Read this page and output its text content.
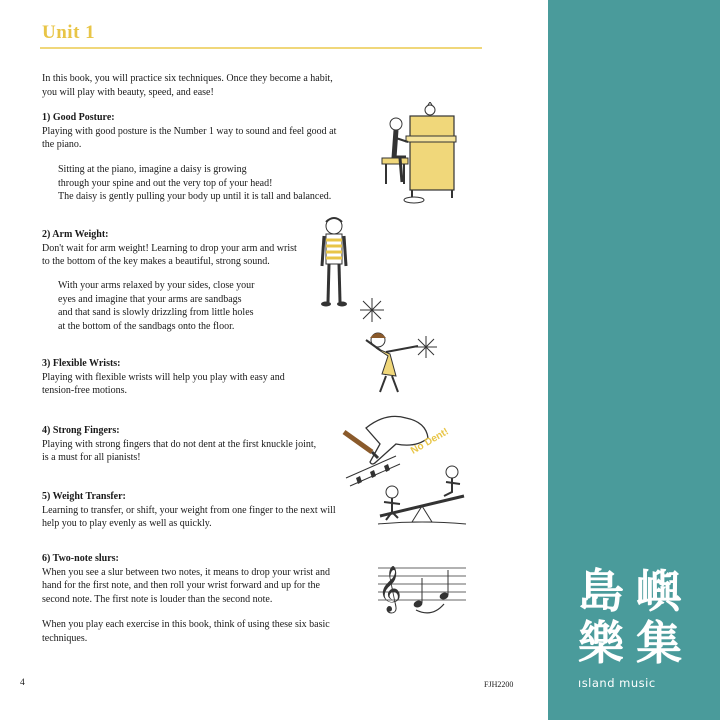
Unit 1
In this book, you will practice six techniques. Once they become a habit,
you will play with beauty, speed, and ease!
1) Good Posture:
Playing with good posture is the Number 1 way to sound and feel good at
the piano.
Sitting at the piano, imagine a daisy is growing
through your spine and out the very top of your head!
The daisy is gently pulling your body up until it is tall and balanced.
2) Arm Weight:
Don't wait for arm weight! Learning to drop your arm and wrist
to the bottom of the key makes a beautiful, strong sound.
With your arms relaxed by your sides, close your
eyes and imagine that your arms are sandbags
and that sand is slowly drizzling from little holes
at the bottom of the sandbags onto the floor.
3) Flexible Wrists:
Playing with flexible wrists will help you play with easy and
tension-free motions.
4) Strong Fingers:
Playing with strong fingers that do not dent at the first knuckle joint,
is a must for all pianists!
5) Weight Transfer:
Learning to transfer, or shift, your weight from one finger to the next will
help you to play evenly as well as quickly.
6) Two-note slurs:
When you see a slur between two notes, it means to drop your wrist and
hand for the first note, and then roll your wrist forward and up for the
second note. The first note is louder than the second note.
When you play each exercise in this book, think of using these six basic
techniques.
No Dent!
𝄞
4	FJH2200
島 嶼
樂 集
ısland music
